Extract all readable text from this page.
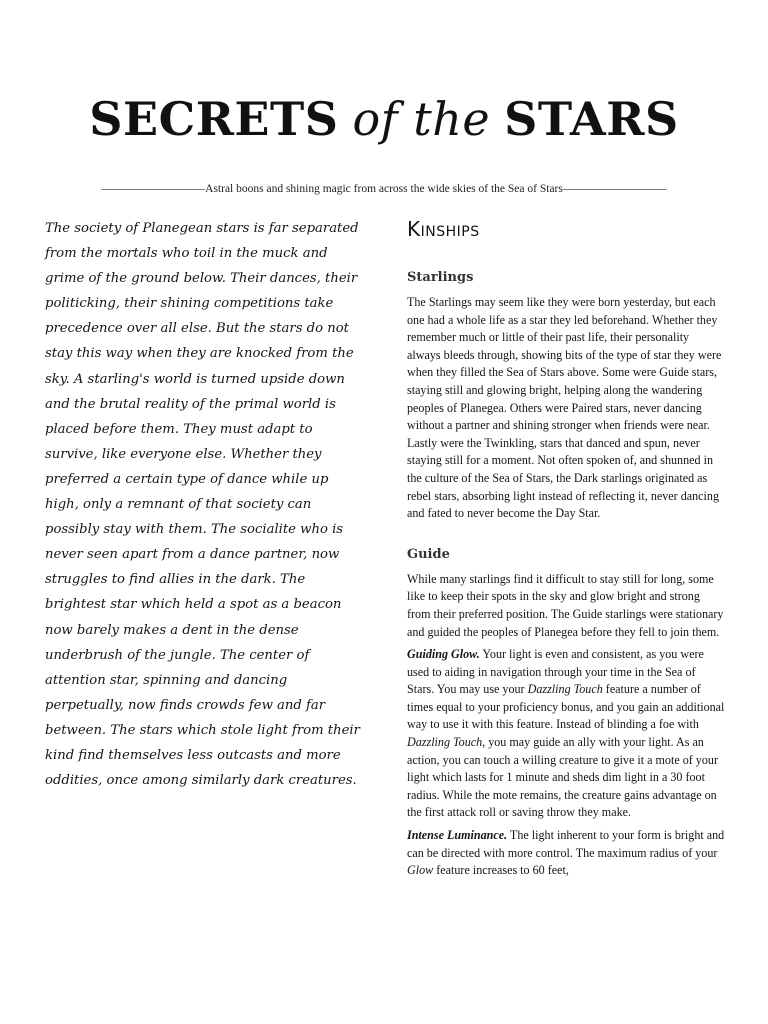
SECRETS of the STARS
––––––––––––––––––Astral boons and shining magic from across the wide skies of the Sea of Stars––––––––––––––––––

The society of Planegean stars is far separated from the mortals who toil in the muck and grime of the ground below. Their dances, their politicking, their shining competitions take precedence over all else. But the stars do not stay this way when they are knocked from the sky. A starling's world is turned upside down and the brutal reality of the primal world is placed before them. They must adapt to survive, like everyone else. Whether they preferred a certain type of dance while up high, only a remnant of that society can possibly stay with them. The socialite who is never seen apart from a dance partner, now struggles to find allies in the dark. The brightest star which held a spot as a beacon now barely makes a dent in the dense underbrush of the jungle. The center of attention star, spinning and dancing perpetually, now finds crowds few and far between. The stars which stole light from their kind find themselves less outcasts and more oddities, once among similarly dark creatures.

Kinships
Starlings

The Starlings may seem like they were born yesterday, but each one had a whole life as a star they led beforehand. Whether they remember much or little of their past life, their personality always bleeds through, showing bits of the type of star they were when they filled the Sea of Stars above. Some were Guide stars, staying still and glowing bright, helping along the wandering peoples of Planegea. Others were Paired stars, never dancing without a partner and shining stronger when friends were near. Lastly were the Twinkling, stars that danced and spun, never staying still for a moment. Not often spoken of, and shunned in the culture of the Sea of Stars, the Dark starlings originated as rebel stars, absorbing light instead of reflecting it, never dancing and fated to never become the Day Star.

Guide

While many starlings find it difficult to stay still for long, some like to keep their spots in the sky and glow bright and strong from their preferred position. The Guide starlings were stationary and guided the peoples of Planegea before they fell to join them.

Guiding Glow. Your light is even and consistent, as you were used to aiding in navigation through your time in the Sea of Stars. You may use your Dazzling Touch feature a number of times equal to your proficiency bonus, and you gain an additional way to use it with this feature. Instead of blinding a foe with Dazzling Touch, you may guide an ally with your light. As an action, you can touch a willing creature to give it a mote of your light which lasts for 1 minute and sheds dim light in a 30 foot radius. While the mote remains, the creature gains advantage on the first attack roll or saving throw they make.

Intense Luminance. The light inherent to your form is bright and can be directed with more control. The maximum radius of your Glow feature increases to 60 feet,
